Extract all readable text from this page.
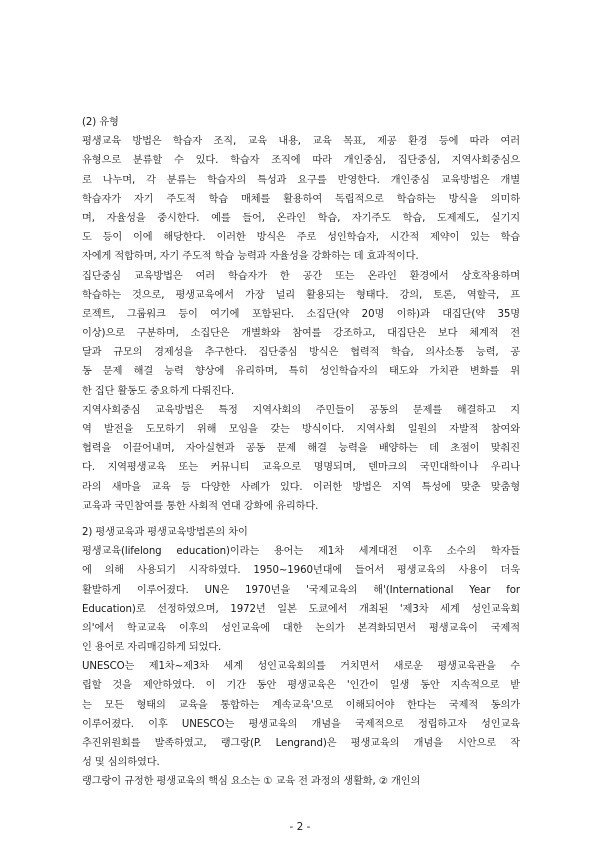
(2) 유형
평생교육 방법은 학습자 조직, 교육 내용, 교육 목표, 제공 환경 등에 따라 여러
유형으로 분류할 수 있다. 학습자 조직에 따라 개인중심, 집단중심, 지역사회중심으
로 나누며, 각 분류는 학습자의 특성과 요구를 반영한다. 개인중심 교육방법은 개별
학습자가 자기 주도적 학습 매체를 활용하여 독립적으로 학습하는 방식을 의미하
며, 자율성을 중시한다. 예를 들어, 온라인 학습, 자기주도 학습, 도제제도, 실기지
도 등이 이에 해당한다. 이러한 방식은 주로 성인학습자, 시간적 제약이 있는 학습
자에게 적합하며, 자기 주도적 학습 능력과 자율성을 강화하는 데 효과적이다.
집단중심 교육방법은 여러 학습자가 한 공간 또는 온라인 환경에서 상호작용하며
학습하는 것으로, 평생교육에서 가장 널리 활용되는 형태다. 강의, 토론, 역할극, 프
로젝트, 그룹워크 등이 여기에 포함된다. 소집단(약 20명 이하)과 대집단(약 35명
이상)으로 구분하며, 소집단은 개별화와 참여를 강조하고, 대집단은 보다 체계적 전
달과 규모의 경제성을 추구한다. 집단중심 방식은 협력적 학습, 의사소통 능력, 공
동 문제 해결 능력 향상에 유리하며, 특히 성인학습자의 태도와 가치관 변화를 위
한 집단 활동도 중요하게 다뤄진다.
지역사회중심 교육방법은 특정 지역사회의 주민들이 공동의 문제를 해결하고 지
역 발전을 도모하기 위해 모임을 갖는 방식이다. 지역사회 일원의 자발적 참여와
협력을 이끌어내며, 자아실현과 공동 문제 해결 능력을 배양하는 데 초점이 맞춰진
다. 지역평생교육 또는 커뮤니티 교육으로 명명되며, 덴마크의 국민대학이나 우리나
라의 새마을 교육 등 다양한 사례가 있다. 이러한 방법은 지역 특성에 맞춘 맞춤형
교육과 국민참여를 통한 사회적 연대 강화에 유리하다.
2) 평생교육과 평생교육방법론의 차이
평생교육(lifelong education)이라는 용어는 제1차 세계대전 이후 소수의 학자들
에 의해 사용되기 시작하였다. 1950~1960년대에 들어서 평생교육의 사용이 더욱
활발하게 이루어졌다. UN은 1970년을 '국제교육의 해'(International Year for
Education)로 선정하였으며, 1972년 일본 도쿄에서 개최된 '제3차 세계 성인교육회
의'에서 학교교육 이후의 성인교육에 대한 논의가 본격화되면서 평생교육이 국제적
인 용어로 자리매김하게 되었다.
UNESCO는 제1차~제3차 세계 성인교육회의를 거치면서 새로운 평생교육관을 수
립할 것을 제안하였다. 이 기간 동안 평생교육은 '인간이 일생 동안 지속적으로 받
는 모든 형태의 교육을 통합하는 계속교육'으로 이해되어야 한다는 국제적 동의가
이루어졌다. 이후 UNESCO는 평생교육의 개념을 국제적으로 정립하고자 성인교육
추진위원회를 발족하였고, 랭그랑(P. Lengrand)은 평생교육의 개념을 시안으로 작
성 및 심의하였다.
랭그랑이 규정한 평생교육의 핵심 요소는 ① 교육 전 과정의 생활화, ② 개인의
- 2 -
